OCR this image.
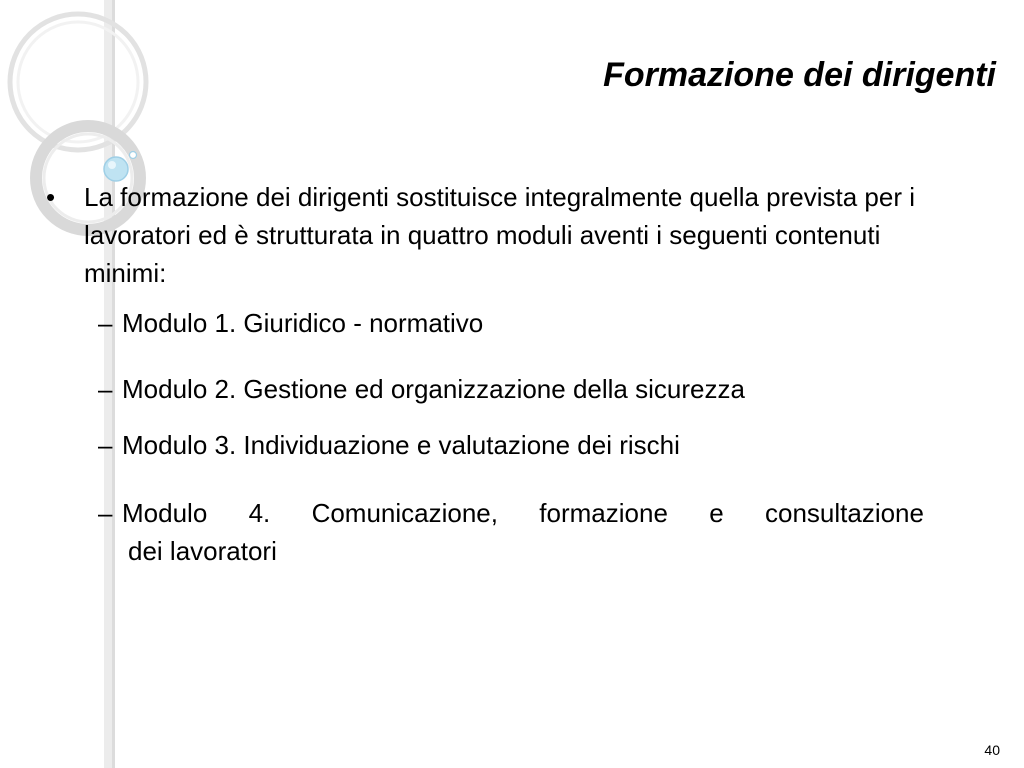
Formazione dei dirigenti
• La formazione dei dirigenti sostituisce integralmente quella prevista per i lavoratori ed è strutturata in quattro moduli aventi i seguenti contenuti minimi:
– Modulo 1. Giuridico - normativo
– Modulo 2. Gestione ed organizzazione della sicurezza
– Modulo 3. Individuazione e valutazione dei rischi
– Modulo 4. Comunicazione, formazione e consultazione
dei lavoratori
40
